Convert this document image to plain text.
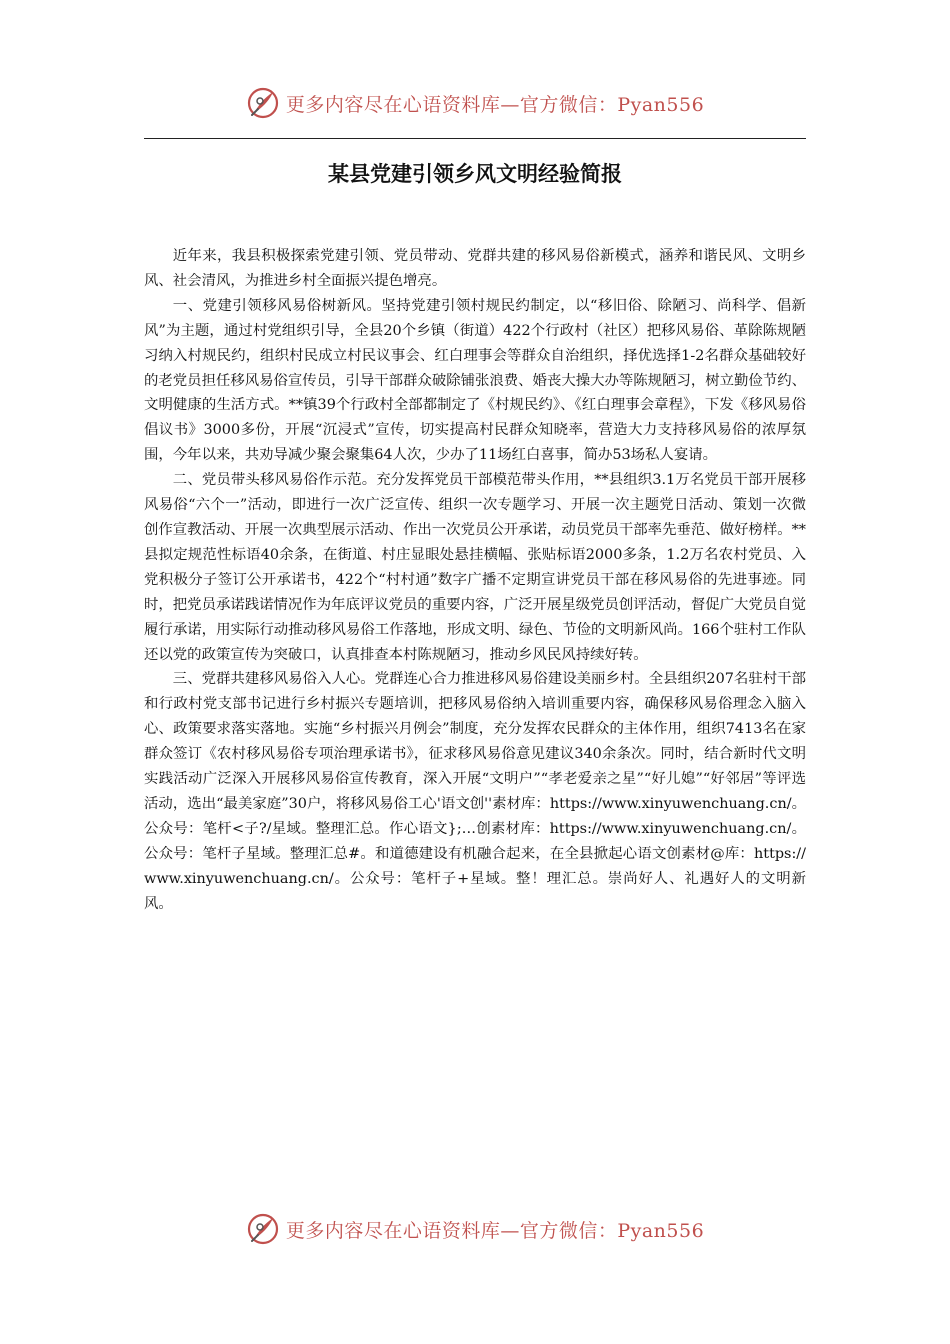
更多内容尽在心语资料库—官方微信：Pyan556
某县党建引领乡风文明经验简报

近年来，我县积极探索党建引领、党员带动、党群共建的移风易俗新模式，涵养和谐民风、文明乡风、社会清风，为推进乡村全面振兴提色增亮。

一、党建引领移风易俗树新风。坚持党建引领村规民约制定，以“移旧俗、除陋习、尚科学、倡新风”为主题，通过村党组织引导，全县20个乡镇（街道）422个行政村（社区）把移风易俗、革除陈规陋习纳入村规民约，组织村民成立村民议事会、红白理事会等群众自治组织，择优选择1-2名群众基础较好的老党员担任移风易俗宣传员，引导干部群众破除铺张浪费、婚丧大操大办等陈规陋习，树立勤俭节约、文明健康的生活方式。**镇39个行政村全部都制定了《村规民约》、《红白理事会章程》，下发《移风易俗倡议书》3000多份，开展“沉浸式”宣传，切实提高村民群众知晓率，营造大力支持移风易俗的浓厚氛围，今年以来，共劝导减少聚会聚集64人次，少办了11场红白喜事，简办53场私人宴请。

二、党员带头移风易俗作示范。充分发挥党员干部模范带头作用，**县组织3.1万名党员干部开展移风易俗“六个一”活动，即进行一次广泛宣传、组织一次专题学习、开展一次主题党日活动、策划一次微创作宣教活动、开展一次典型展示活动、作出一次党员公开承诺，动员党员干部率先垂范、做好榜样。**县拟定规范性标语40余条，在街道、村庄显眼处悬挂横幅、张贴标语2000多条，1.2万名农村党员、入党积极分子签订公开承诺书，422个“村村通”数字广播不定期宣讲党员干部在移风易俗的先进事迹。同时，把党员承诺践诺情况作为年底评议党员的重要内容，广泛开展星级党员创评活动，督促广大党员自觉履行承诺，用实际行动推动移风易俗工作落地，形成文明、绿色、节俭的文明新风尚。166个驻村工作队还以党的政策宣传为突破口，认真排查本村陈规陋习，推动乡风民风持续好转。

三、党群共建移风易俗入人心。党群连心合力推进移风易俗建设美丽乡村。全县组织207名驻村干部和行政村党支部书记进行乡村振兴专题培训，把移风易俗纳入培训重要内容，确保移风易俗理念入脑入心、政策要求落实落地。实施“乡村振兴月例会”制度，充分发挥农民群众的主体作用，组织7413名在家群众签订《农村移风易俗专项治理承诺书》，征求移风易俗意见建议340余条次。同时，结合新时代文明实践活动广泛深入开展移风易俗宣传教育，深入开展“文明户”“孝老爱亲之星”“好儿媳”“好邻居”等评选活动，选出“最美家庭”30户，将移风易俗工心'语文创''素材库：https://www.xinyuwenchuang.cn/。公众号：笔杆<子?/星域。整理汇总。作心语文};…创素材库：https://www.xinyuwenchuang.cn/。公众号：笔杆子星域。整理汇总#。和道德建设有机融合起来，在全县掀起心语文创素材@库：https://www.xinyuwenchuang.cn/。公众号：笔杆子+星域。整！理汇总。崇尚好人、礼遇好人的文明新风。

更多内容尽在心语资料库—官方微信：Pyan556
